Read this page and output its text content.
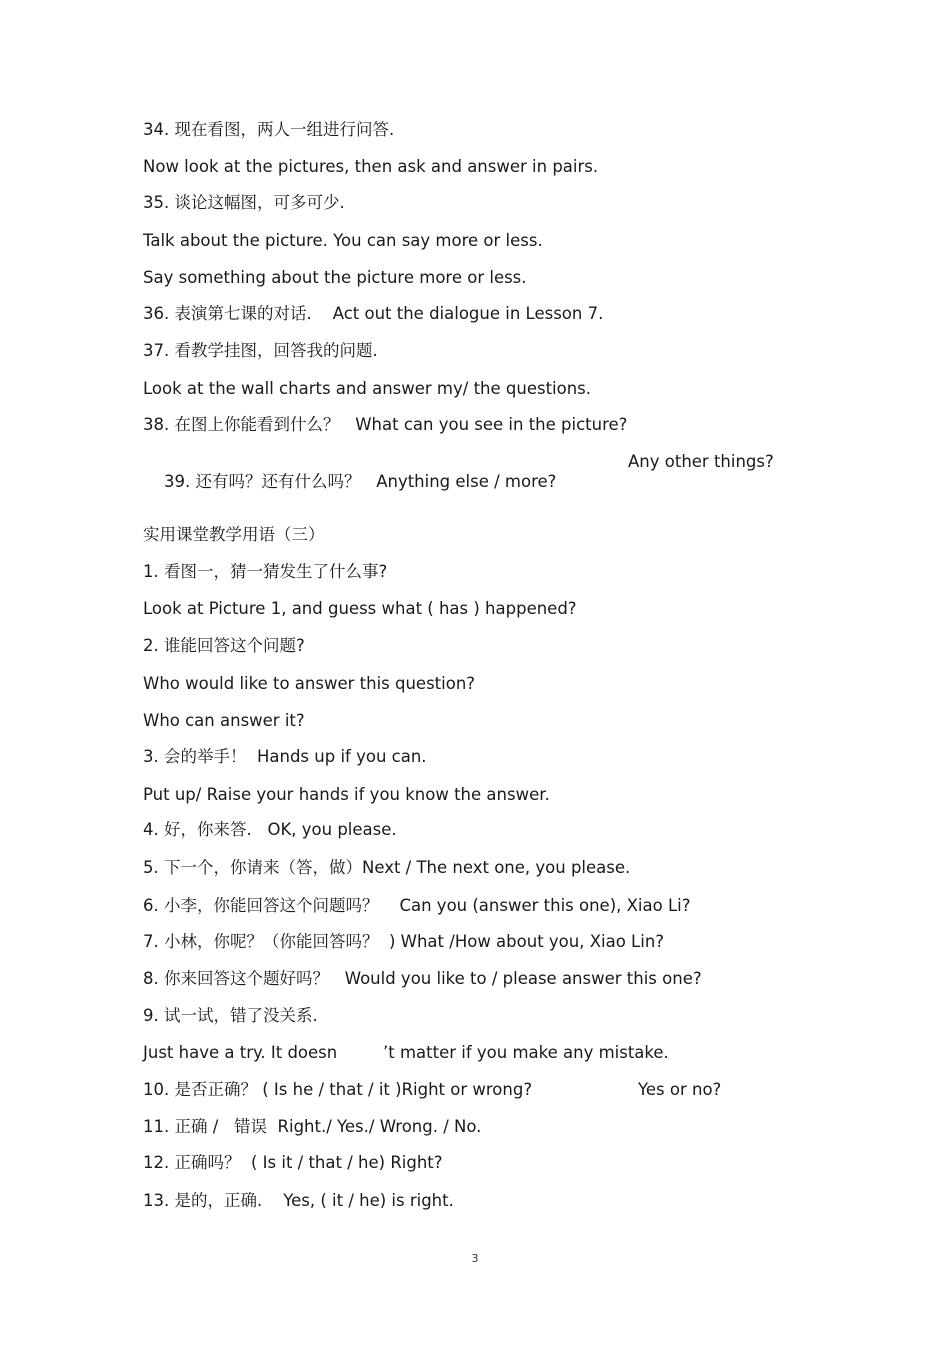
34. 现在看图，两人一组进行问答.
Now look at the pictures, then ask and answer in pairs.
35. 谈论这幅图，可多可少.
Talk about the picture. You can say more or less.
Say something about the picture more or less.
36. 表演第七课的对话.    Act out the dialogue in Lesson 7.
37. 看教学挂图，回答我的问题.
Look at the wall charts and answer my/ the questions.
38. 在图上你能看到什么？   What can you see in the picture?

39. 还有吗？还有什么吗？   Anything else / more?

Any other things?
实用课堂教学用语（三）
1. 看图一，猜一猜发生了什么事?
Look at Picture 1, and guess what ( has ) happened?
2. 谁能回答这个问题?
Who would like to answer this question?
Who can answer it?
3. 会的举手！  Hands up if you can.
Put up/ Raise your hands if you know the answer.
4. 好，你来答.   OK, you please.
5. 下一个，你请来（答，做）Next / The next one, you please.
6. 小李，你能回答这个问题吗？    Can you (answer this one), Xiao Li?
7. 小林，你呢？（你能回答吗？  ) What /How about you, Xiao Lin?
8. 你来回答这个题好吗？   Would you like to / please answer this one?
9. 试一试，错了没关系.
Just have a try. It doesn	’t matter if you make any mistake.
10. 是否正确？ ( Is he / that / it )Right or wrong?	Yes or no?
11. 正确 /   错误  Right./ Yes./ Wrong. / No.
12. 正确吗？  ( Is it / that / he) Right?
13. 是的，正确.    Yes, ( it / he) is right.
3
